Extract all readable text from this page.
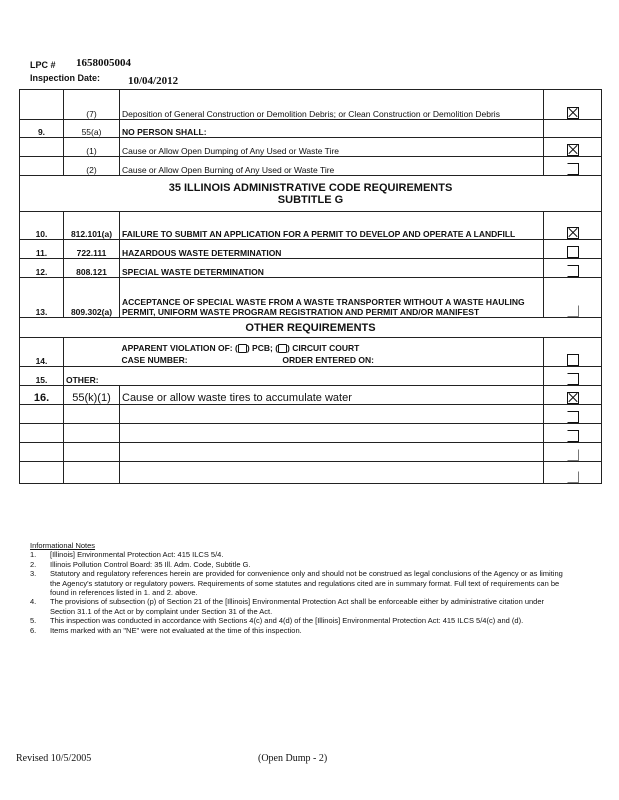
LPC # 1658005004
Inspection Date:	10/04/2012
	(7)	Deposition of General Construction or Demolition Debris; or Clean Construction or Demolition Debris	
9.	55(a)	NO PERSON SHALL:	
	(1)	Cause or Allow Open Dumping of Any Used or Waste Tire	
	(2)	Cause or Allow Open Burning of Any Used or Waste Tire	

35 ILLINOIS ADMINISTRATIVE CODE REQUIREMENTS
SUBTITLE G			

10.	812.101(a)	FAILURE TO SUBMIT AN APPLICATION FOR A PERMIT TO DEVELOP AND OPERATE A LANDFILL	
11.	722.111	HAZARDOUS WASTE DETERMINATION	
12.	808.121	SPECIAL WASTE DETERMINATION	
13.	809.302(a)	ACCEPTANCE OF SPECIAL WASTE FROM A WASTE TRANSPORTER WITHOUT A WASTE HAULING PERMIT, UNIFORM WASTE PROGRAM REGISTRATION AND PERMIT AND/OR MANIFEST	
OTHER REQUIREMENTS			
14.		APPARENT VIOLATION OF: ( ) PCB; ( ) CIRCUIT COURT
CASE NUMBER: ORDER ENTERED ON:	

15.	OTHER:		
16.	55(k)(1)	Cause or allow waste tires to accumulate water	

Informational Notes
1. [Illinois] Environmental Protection Act: 415 ILCS 5/4.
2. Illinois Pollution Control Board: 35 Ill. Adm. Code, Subtitle G.
3. Statutory and regulatory references herein are provided for convenience only and should not be construed as legal conclusions of the Agency or as limiting the Agency's statutory or regulatory powers. Requirements of some statutes and regulations cited are in summary format. Full text of requirements can be found in references listed in 1. and 2. above.
4. The provisions of subsection (p) of Section 21 of the [Illinois] Environmental Protection Act shall be enforceable either by administrative citation under Section 31.1 of the Act or by complaint under Section 31 of the Act.
5. This inspection was conducted in accordance with Sections 4(c) and 4(d) of the [Illinois] Environmental Protection Act: 415 ILCS 5/4(c) and (d).
6. Items marked with an "NE" were not evaluated at the time of this inspection.
Revised 10/5/2005	(Open Dump - 2)
